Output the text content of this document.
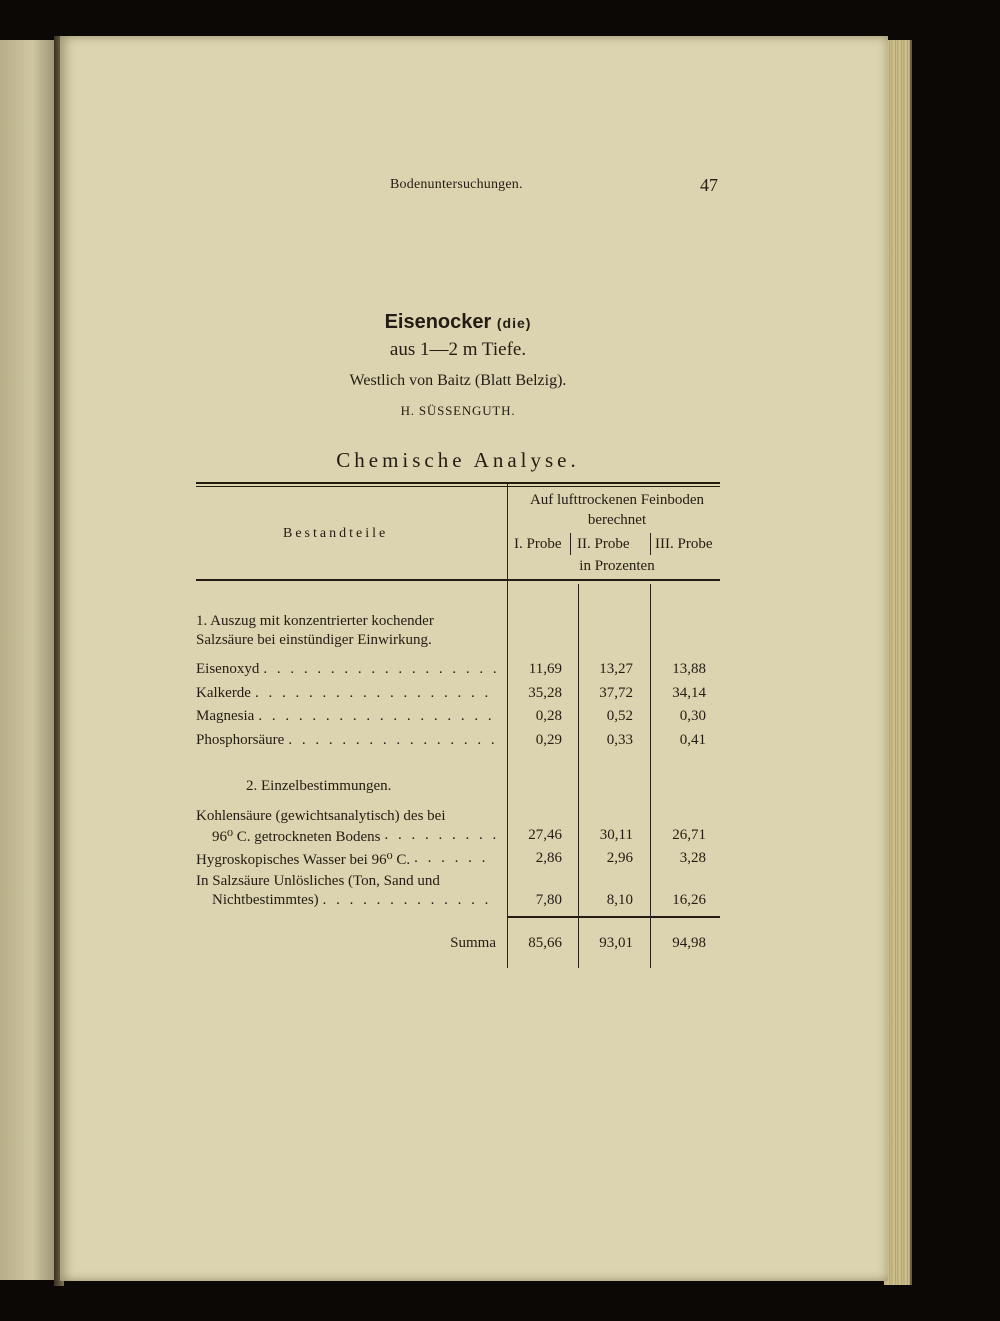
Bodenuntersuchungen.	47
Eisenocker (die)
aus 1—2 m Tiefe.
Westlich von Baitz (Blatt Belzig).
H. SÜSSENGUTH.
Chemische Analyse.
Bestandteile
Auf lufttrockenen Feinboden
berechnet
I. Probe II. Probe III. Probe
in Prozenten
1. Auszug mit konzentrierter kochender
Salzsäure bei einstündiger Einwirkung.
Eisenoxyd . . .	11,69	13,27	13,88
Kalkerde . . .	35,28	37,72	34,14
Magnesia . . .	0,28	0,52	0,30
Phosphorsäure . . .	0,29	0,33	0,41
2. Einzelbestimmungen.
Kohlensäure (gewichtsanalytisch) des bei
96⁰ C. getrockneten Bodens . . .	27,46	30,11	26,71
Hygroskopisches Wasser bei 96⁰ C. . . .	2,86	2,96	3,28
In Salzsäure Unlösliches (Ton, Sand und
Nichtbestimmtes) . . .	7,80	8,10	16,26
Summa	85,66	93,01	94,98
